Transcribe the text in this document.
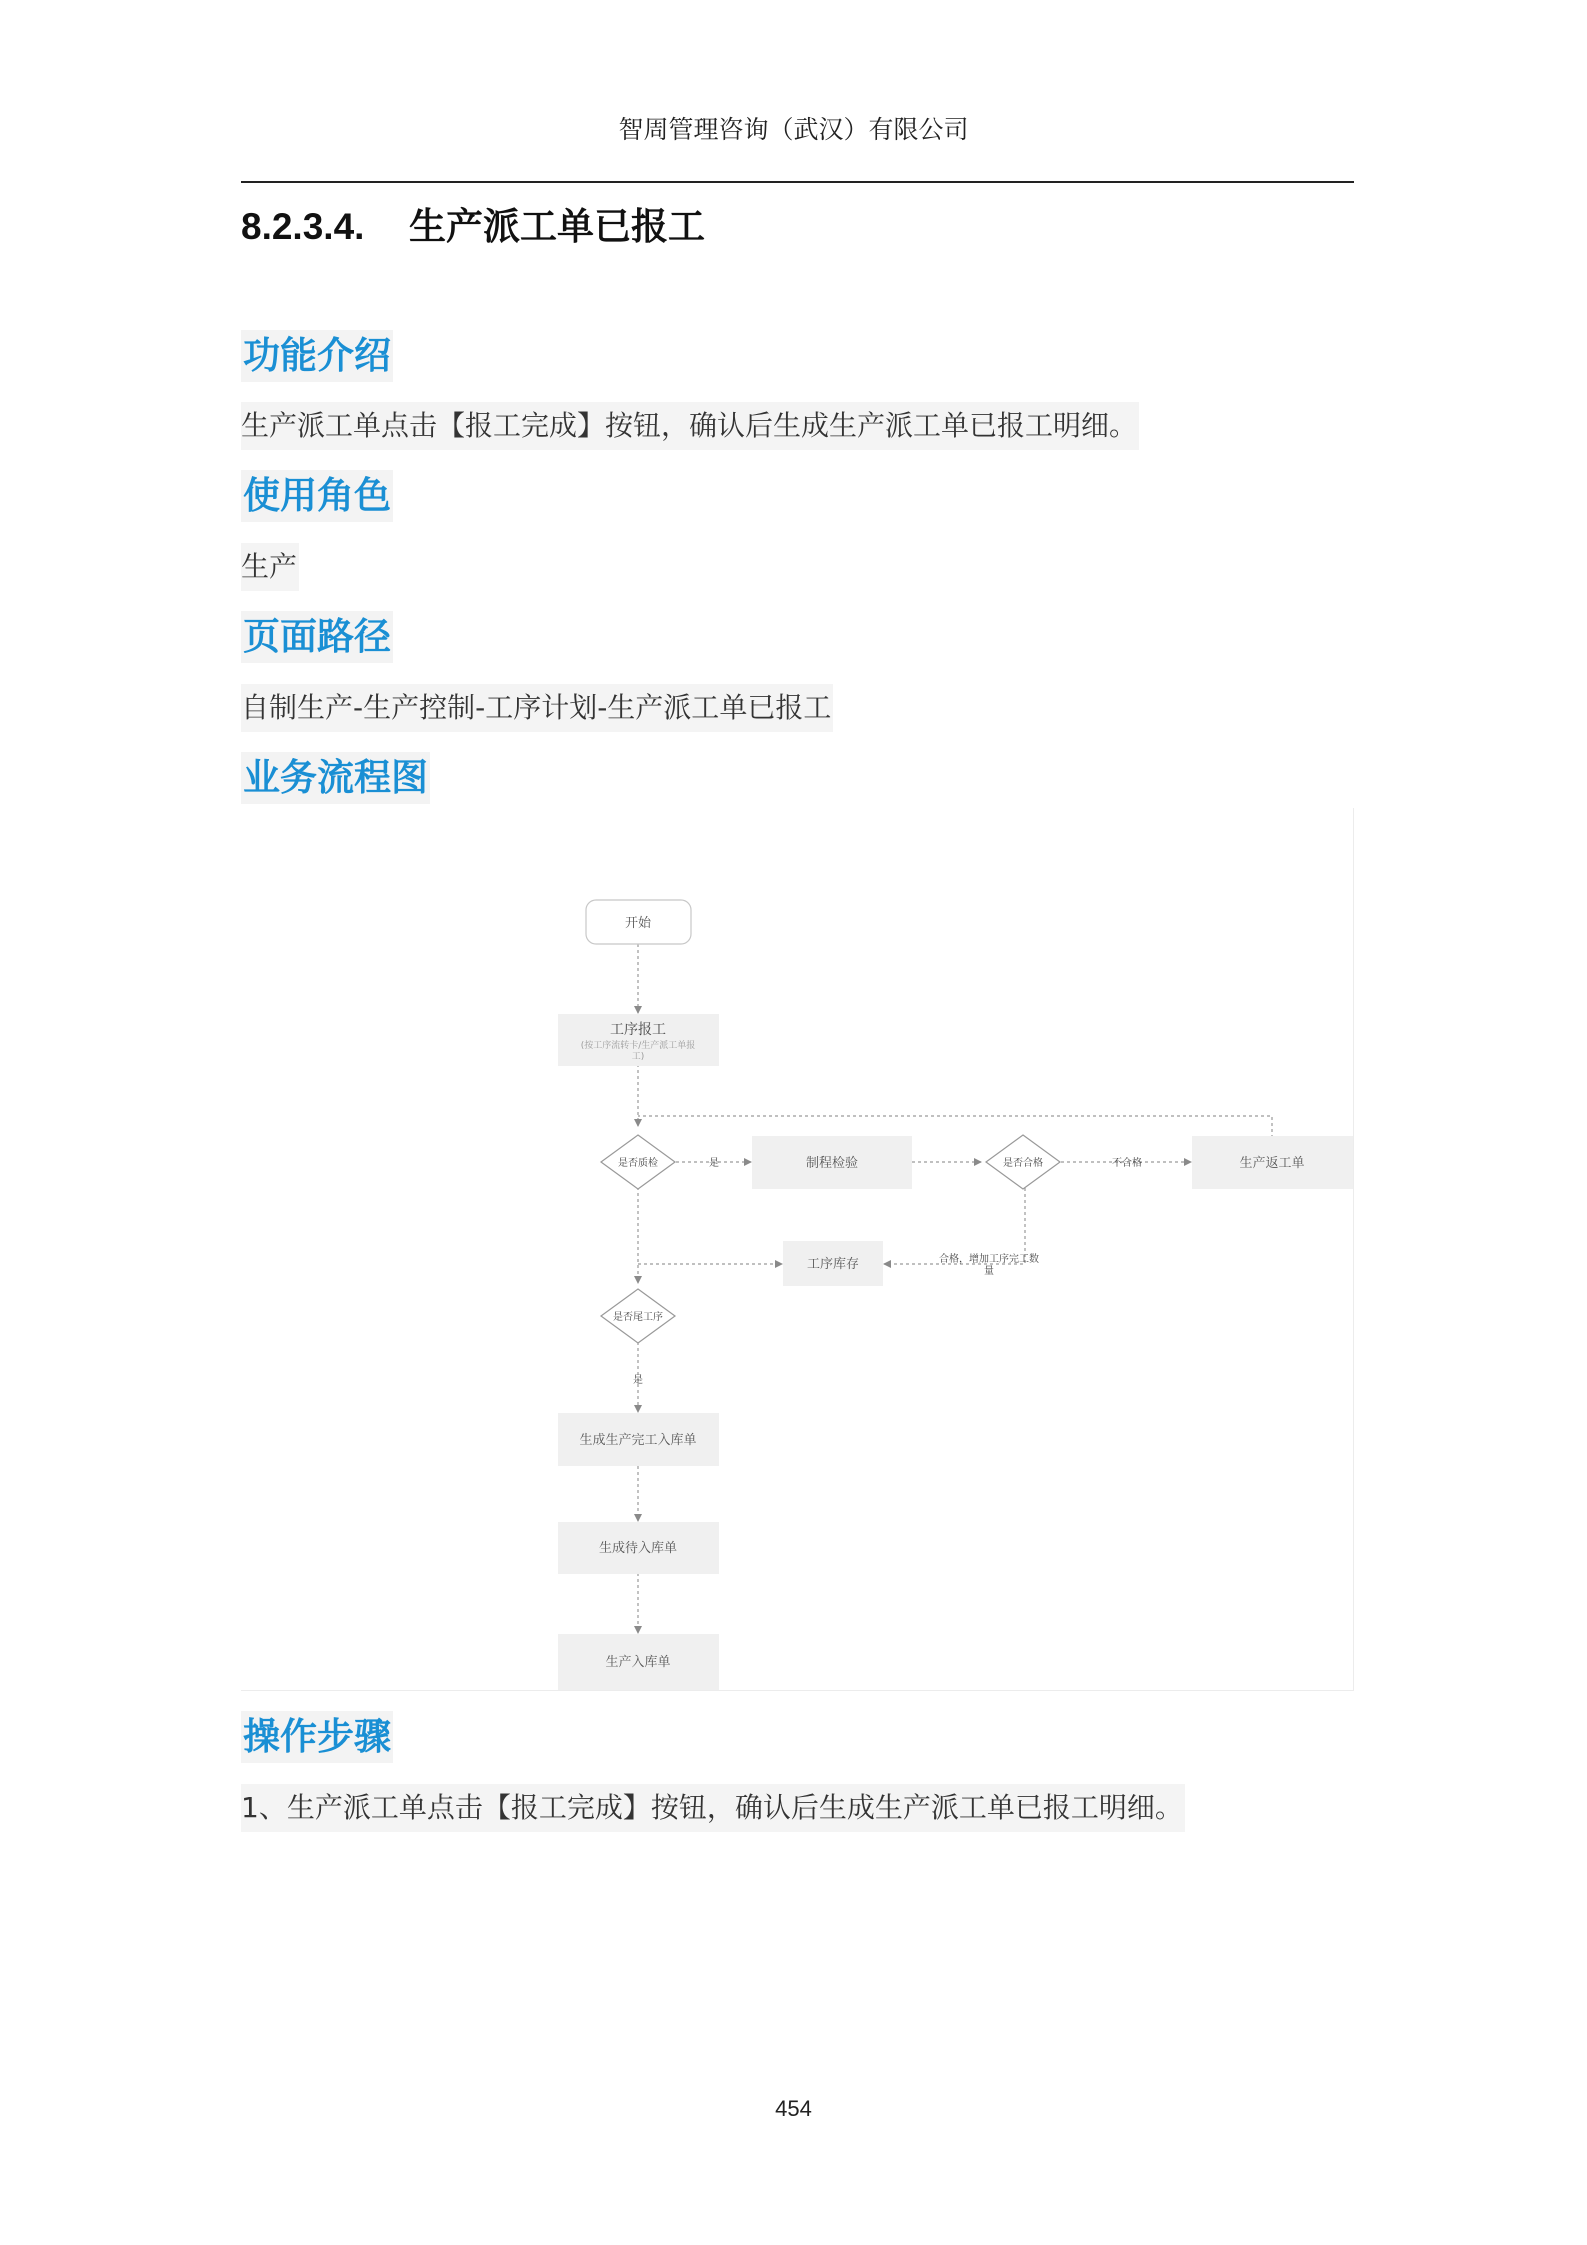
智周管理咨询（武汉）有限公司
8.2.3.4. 生产派工单已报工
功能介绍
生产派工单点击【报工完成】按钮，确认后生成生产派工单已报工明细。
使用角色
生产
页面路径
自制生产-生产控制-工序计划-生产派工单已报工
业务流程图
开始
工序报工
(按工序流转卡/生产派工单报
工)
是否质检	是	制程检验	是否合格	不合格	生产返工单
工序库存	合格，增加工序完工数
量
是否尾工序
是
生成生产完工入库单
生成待入库单
生产入库单
操作步骤
1、生产派工单点击【报工完成】按钮，确认后生成生产派工单已报工明细。
454
